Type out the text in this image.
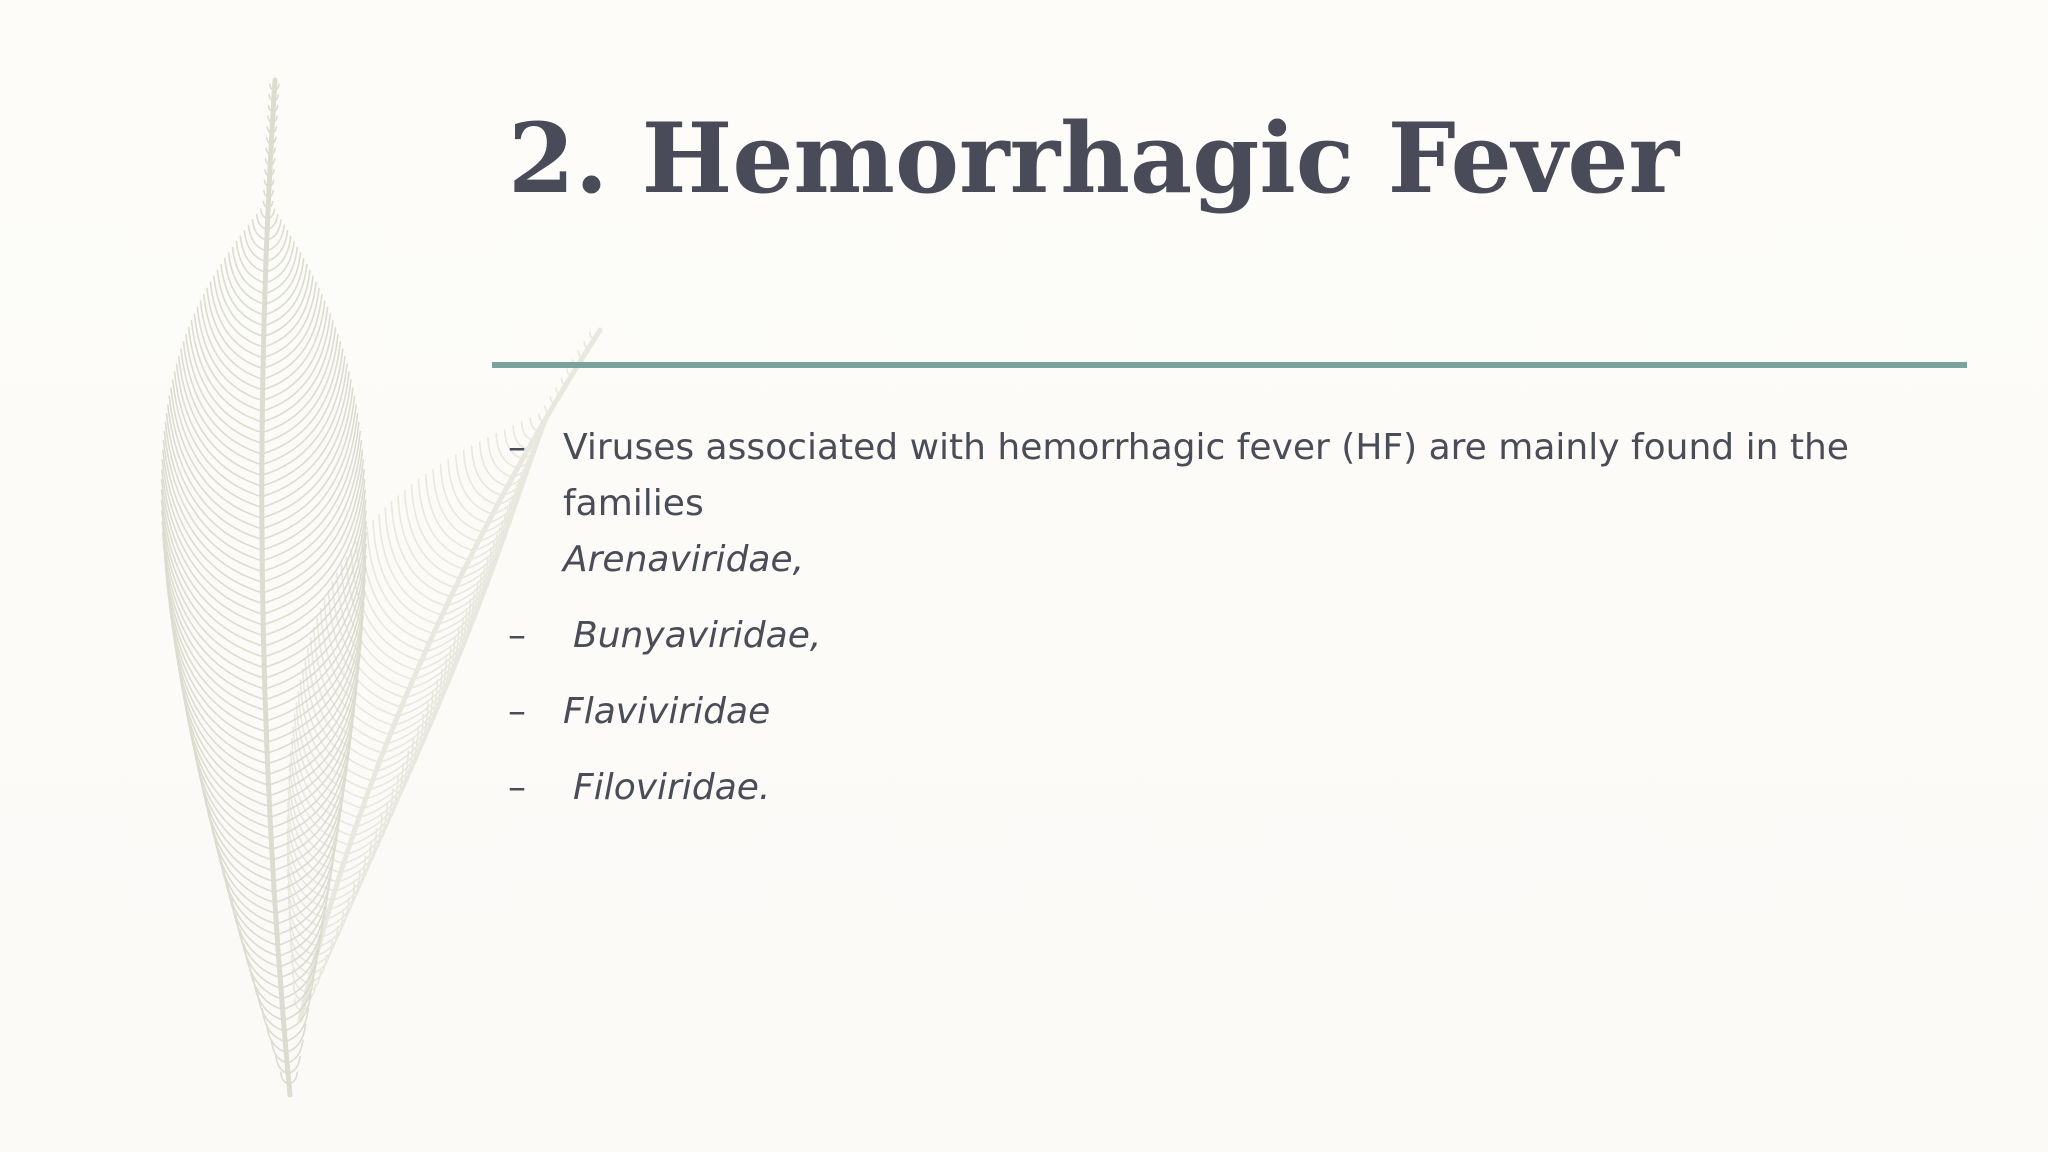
2. Hemorrhagic Fever
– Viruses associated with hemorrhagic fever (HF) are mainly found in the families
Arenaviridae,
– Bunyaviridae,
– Flaviviridae
– Filoviridae.
